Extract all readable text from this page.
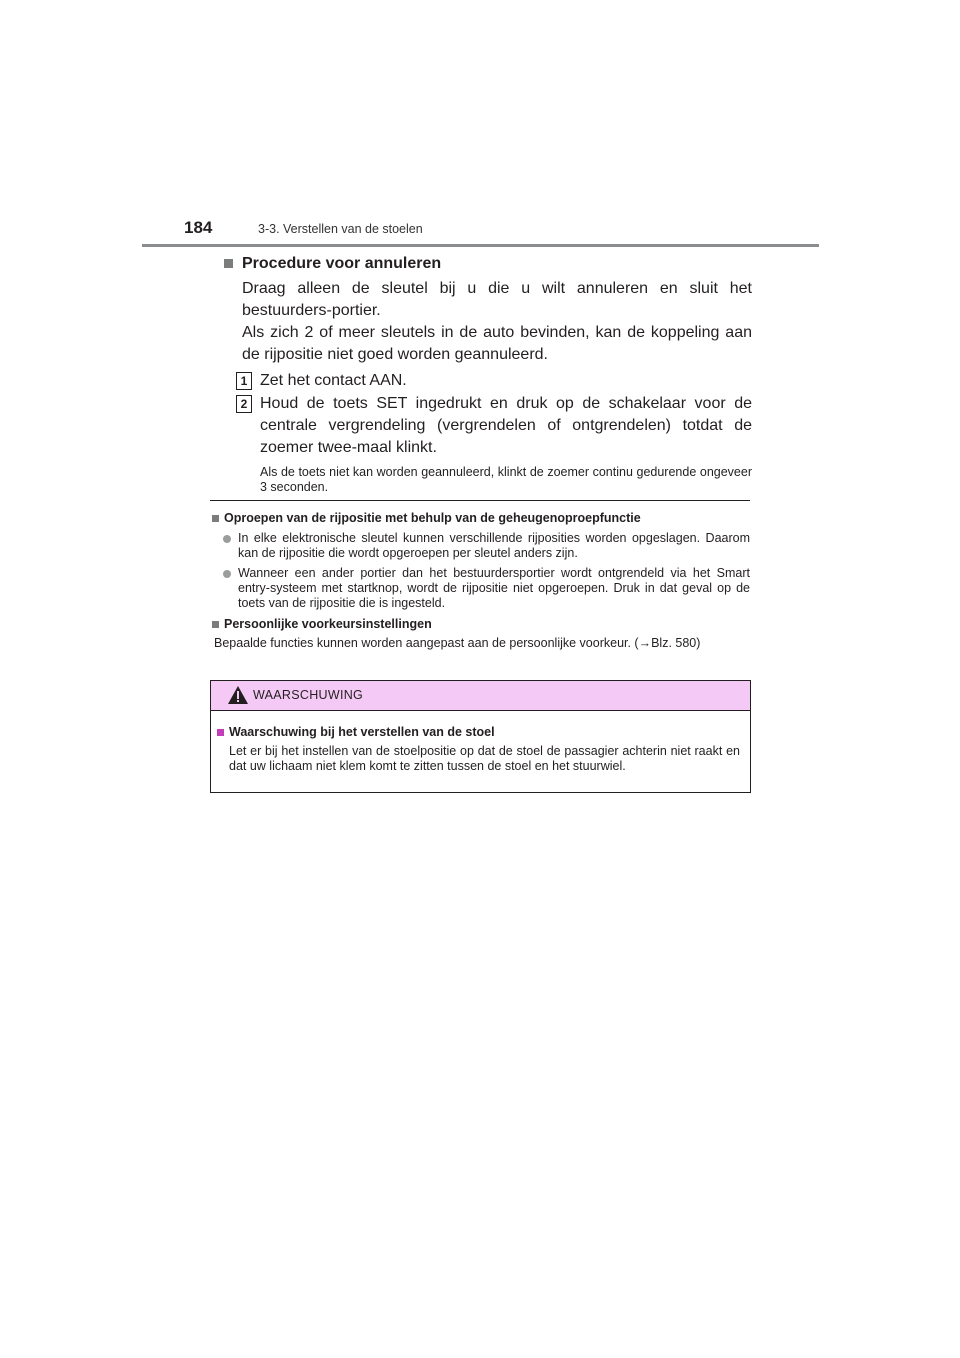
184	3-3. Verstellen van de stoelen
Procedure voor annuleren
Draag alleen de sleutel bij u die u wilt annuleren en sluit het bestuurders-portier.
Als zich 2 of meer sleutels in de auto bevinden, kan de koppeling aan de rijpositie niet goed worden geannuleerd.
1 Zet het contact AAN.
2 Houd de toets SET ingedrukt en druk op de schakelaar voor de centrale vergrendeling (vergrendelen of ontgrendelen) totdat de zoemer twee-maal klinkt.
Als de toets niet kan worden geannuleerd, klinkt de zoemer continu gedurende ongeveer 3 seconden.
Oproepen van de rijpositie met behulp van de geheugenoproepfunctie
In elke elektronische sleutel kunnen verschillende rijposities worden opgeslagen. Daarom kan de rijpositie die wordt opgeroepen per sleutel anders zijn.
Wanneer een ander portier dan het bestuurdersportier wordt ontgrendeld via het Smart entry-systeem met startknop, wordt de rijpositie niet opgeroepen. Druk in dat geval op de toets van de rijpositie die is ingesteld.
Persoonlijke voorkeursinstellingen
Bepaalde functies kunnen worden aangepast aan de persoonlijke voorkeur. (→Blz. 580)
WAARSCHUWING
Waarschuwing bij het verstellen van de stoel
Let er bij het instellen van de stoelpositie op dat de stoel de passagier achterin niet raakt en dat uw lichaam niet klem komt te zitten tussen de stoel en het stuurwiel.
